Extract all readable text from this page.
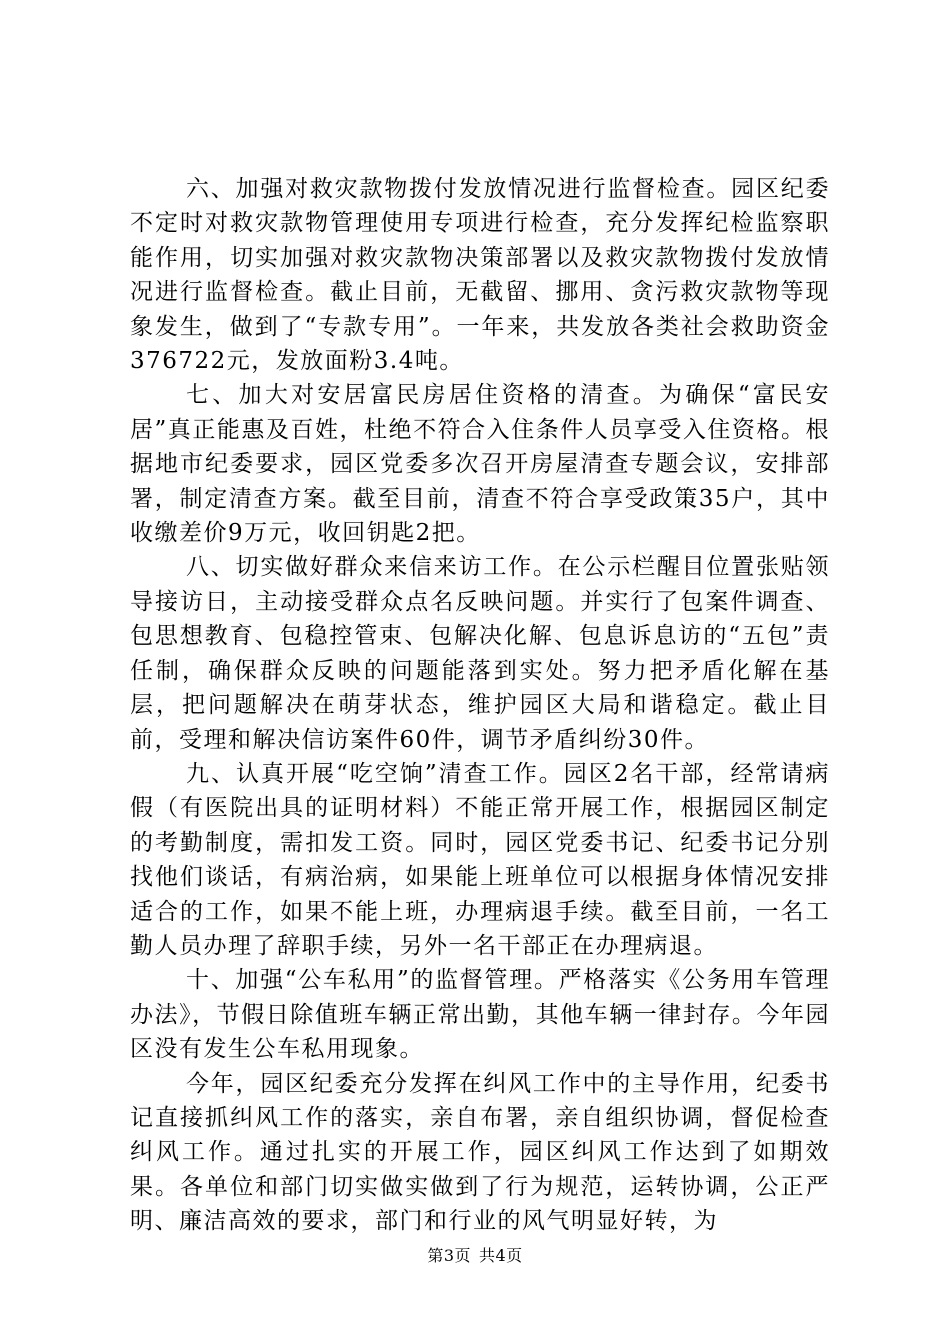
六、加强对救灾款物拨付发放情况进行监督检查。园区纪委不定时对救灾款物管理使用专项进行检查，充分发挥纪检监察职能作用，切实加强对救灾款物决策部署以及救灾款物拨付发放情况进行监督检查。截止目前，无截留、挪用、贪污救灾款物等现象发生，做到了“专款专用”。一年来，共发放各类社会救助资金376722元，发放面粉3.4吨。

七、加大对安居富民房居住资格的清查。为确保“富民安居”真正能惠及百姓，杜绝不符合入住条件人员享受入住资格。根据地市纪委要求，园区党委多次召开房屋清查专题会议，安排部署，制定清查方案。截至目前，清查不符合享受政策35户，其中收缴差价9万元，收回钥匙2把。

八、切实做好群众来信来访工作。在公示栏醒目位置张贴领导接访日，主动接受群众点名反映问题。并实行了包案件调查、包思想教育、包稳控管束、包解决化解、包息诉息访的“五包”责任制，确保群众反映的问题能落到实处。努力把矛盾化解在基层，把问题解决在萌芽状态，维护园区大局和谐稳定。截止目前，受理和解决信访案件60件，调节矛盾纠纷30件。

九、认真开展“吃空饷”清查工作。园区2名干部，经常请病假（有医院出具的证明材料）不能正常开展工作，根据园区制定的考勤制度，需扣发工资。同时，园区党委书记、纪委书记分别找他们谈话，有病治病，如果能上班单位可以根据身体情况安排适合的工作，如果不能上班，办理病退手续。截至目前，一名工勤人员办理了辞职手续，另外一名干部正在办理病退。

十、加强“公车私用”的监督管理。严格落实《公务用车管理办法》，节假日除值班车辆正常出勤，其他车辆一律封存。今年园区没有发生公车私用现象。

今年，园区纪委充分发挥在纠风工作中的主导作用，纪委书记直接抓纠风工作的落实，亲自布署，亲自组织协调，督促检查纠风工作。通过扎实的开展工作，园区纠风工作达到了如期效果。各单位和部门切实做实做到了行为规范，运转协调，公正严明、廉洁高效的要求，部门和行业的风气明显好转，为

第3页 共4页
